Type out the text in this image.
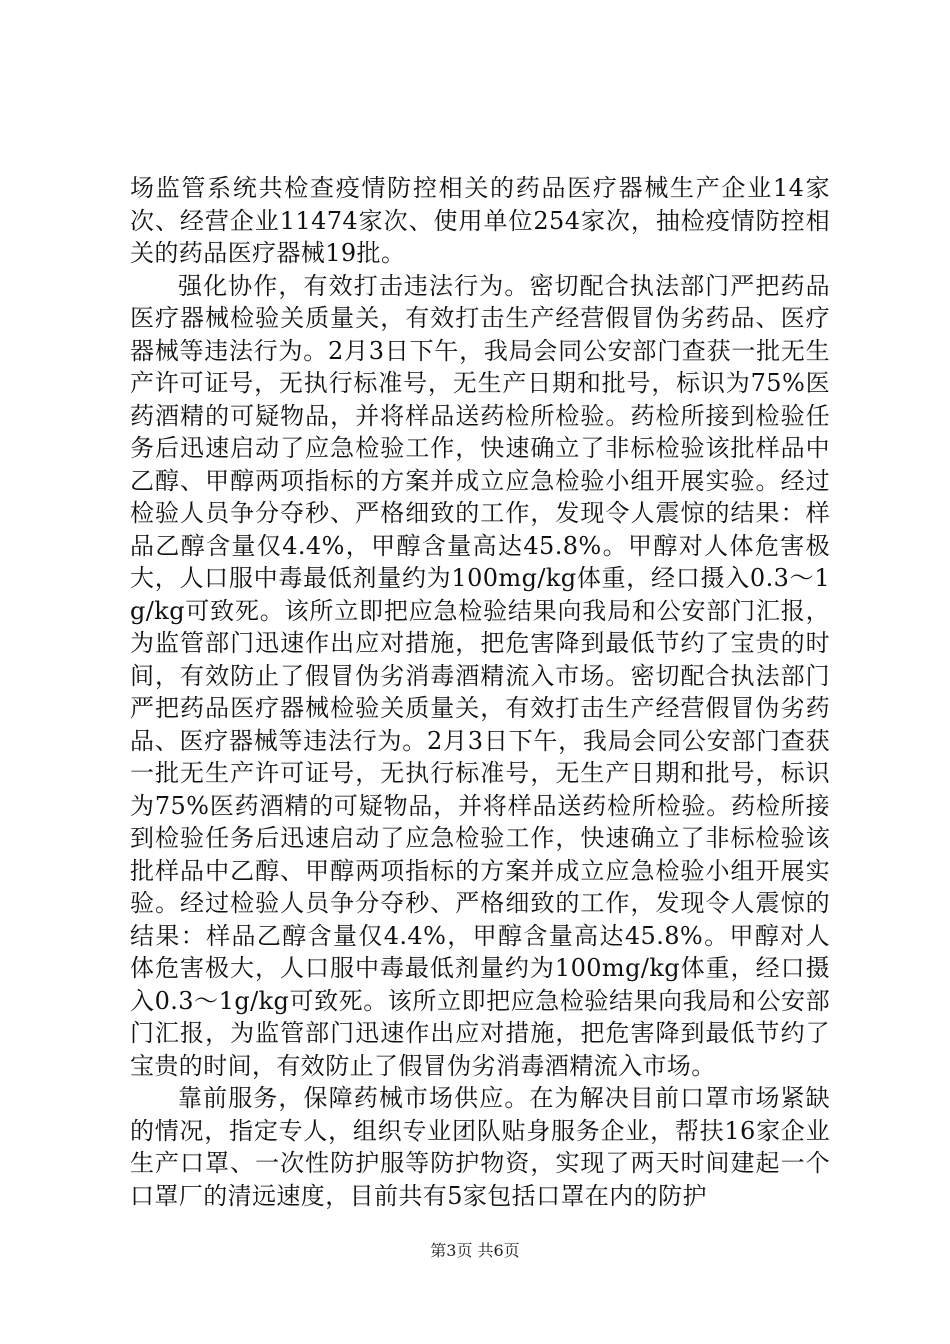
场监管系统共检查疫情防控相关的药品医疗器械生产企业14家次、经营企业11474家次、使用单位254家次，抽检疫情防控相关的药品医疗器械19批。

强化协作，有效打击违法行为。密切配合执法部门严把药品医疗器械检验关质量关，有效打击生产经营假冒伪劣药品、医疗器械等违法行为。2月3日下午，我局会同公安部门查获一批无生产许可证号，无执行标准号，无生产日期和批号，标识为75%医药酒精的可疑物品，并将样品送药检所检验。药检所接到检验任务后迅速启动了应急检验工作，快速确立了非标检验该批样品中乙醇、甲醇两项指标的方案并成立应急检验小组开展实验。经过检验人员争分夺秒、严格细致的工作，发现令人震惊的结果：样品乙醇含量仅4.4%，甲醇含量高达45.8%。甲醇对人体危害极大，人口服中毒最低剂量约为100mg/kg体重，经口摄入0.3～1g/kg可致死。该所立即把应急检验结果向我局和公安部门汇报，为监管部门迅速作出应对措施，把危害降到最低节约了宝贵的时间，有效防止了假冒伪劣消毒酒精流入市场。密切配合执法部门严把药品医疗器械检验关质量关，有效打击生产经营假冒伪劣药品、医疗器械等违法行为。2月3日下午，我局会同公安部门查获一批无生产许可证号，无执行标准号，无生产日期和批号，标识为75%医药酒精的可疑物品，并将样品送药检所检验。药检所接到检验任务后迅速启动了应急检验工作，快速确立了非标检验该批样品中乙醇、甲醇两项指标的方案并成立应急检验小组开展实验。经过检验人员争分夺秒、严格细致的工作，发现令人震惊的结果：样品乙醇含量仅4.4%，甲醇含量高达45.8%。甲醇对人体危害极大，人口服中毒最低剂量约为100mg/kg体重，经口摄入0.3～1g/kg可致死。该所立即把应急检验结果向我局和公安部门汇报，为监管部门迅速作出应对措施，把危害降到最低节约了宝贵的时间，有效防止了假冒伪劣消毒酒精流入市场。

靠前服务，保障药械市场供应。在为解决目前口罩市场紧缺的情况，指定专人，组织专业团队贴身服务企业，帮扶16家企业生产口罩、一次性防护服等防护物资，实现了两天时间建起一个口罩厂的清远速度，目前共有5家包括口罩在内的防护

第3页 共6页
